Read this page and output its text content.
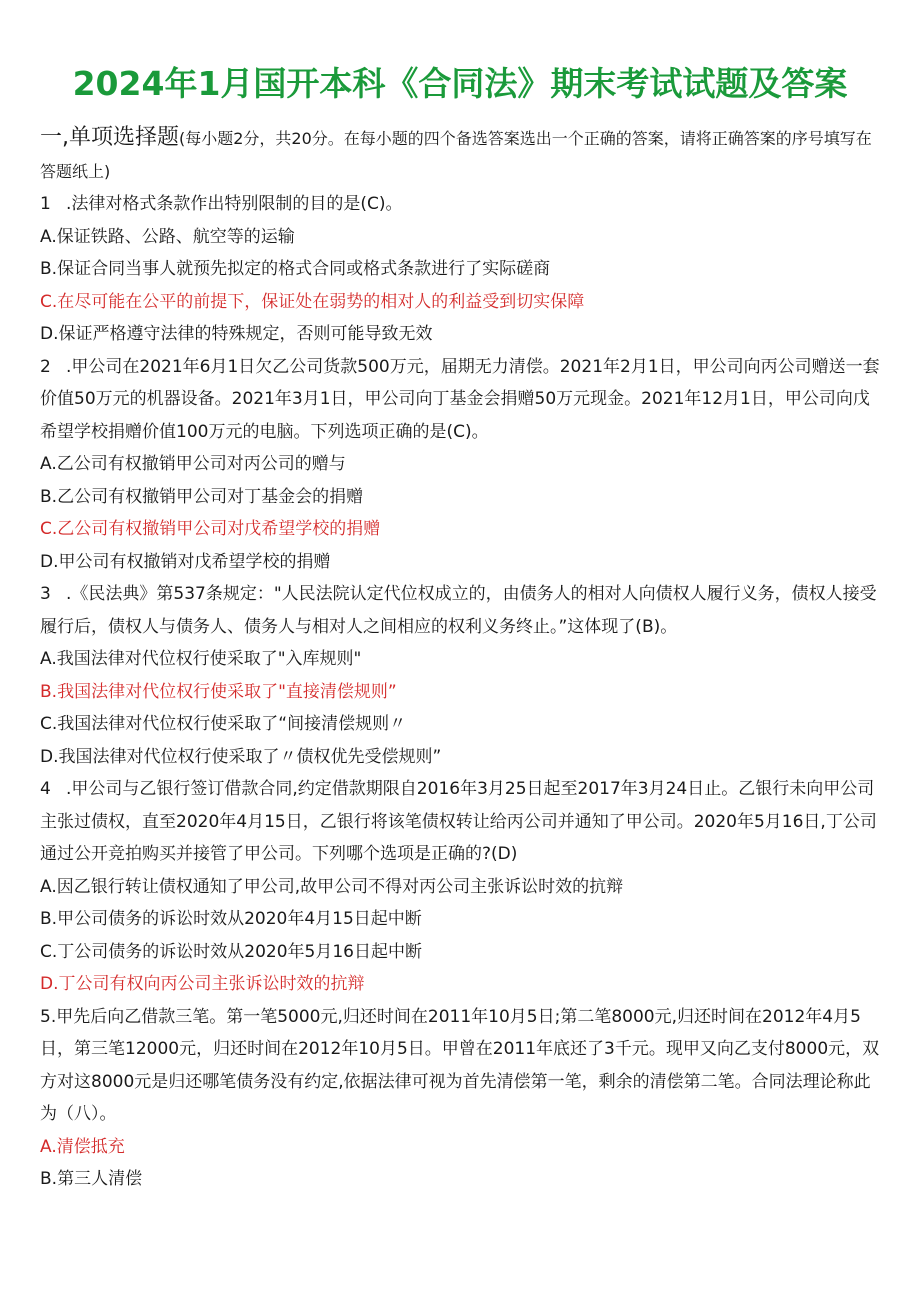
2024年1月国开本科《合同法》期末考试试题及答案

一,单项选择题(每小题2分，共20分。在每小题的四个备选答案选出一个正确的答案，请将正确答案的序号填写在答题纸上)

1 .法律对格式条款作出特别限制的目的是(C)。

A.保证铁路、公路、航空等的运输

B.保证合同当事人就预先拟定的格式合同或格式条款进行了实际磋商

C.在尽可能在公平的前提下，保证处在弱势的相对人的利益受到切实保障

D.保证严格遵守法律的特殊规定，否则可能导致无效

2 .甲公司在2021年6月1日欠乙公司货款500万元，届期无力清偿。2021年2月1日，甲公司向丙公司赠送一套价值50万元的机器设备。2021年3月1日，甲公司向丁基金会捐赠50万元现金。2021年12月1日，甲公司向戊希望学校捐赠价值100万元的电脑。下列选项正确的是(C)。

A.乙公司有权撤销甲公司对丙公司的赠与

B.乙公司有权撤销甲公司对丁基金会的捐赠

C.乙公司有权撤销甲公司对戊希望学校的捐赠

D.甲公司有权撤销对戊希望学校的捐赠

3 .《民法典》第537条规定："人民法院认定代位权成立的，由债务人的相对人向债权人履行义务，债权人接受履行后，债权人与债务人、债务人与相对人之间相应的权利义务终止。”这体现了(B)。

A.我国法律对代位权行使采取了"入库规则"

B.我国法律对代位权行使采取了"直接清偿规则”

C.我国法律对代位权行使采取了“间接清偿规则〃

D.我国法律对代位权行使采取了〃债权优先受偿规则”

4 .甲公司与乙银行签订借款合同,约定借款期限自2016年3月25日起至2017年3月24日止。乙银行未向甲公司主张过债权，直至2020年4月15日，乙银行将该笔债权转让给丙公司并通知了甲公司。2020年5月16日,丁公司通过公开竞拍购买并接管了甲公司。下列哪个选项是正确的?(D)

A.因乙银行转让债权通知了甲公司,故甲公司不得对丙公司主张诉讼时效的抗辩

B.甲公司债务的诉讼时效从2020年4月15日起中断

C.丁公司债务的诉讼时效从2020年5月16日起中断

D.丁公司有权向丙公司主张诉讼时效的抗辩

5.甲先后向乙借款三笔。第一笔5000元,归还时间在2011年10月5日;第二笔8000元,归还时间在2012年4月5日，第三笔12000元，归还时间在2012年10月5日。甲曾在2011年底还了3千元。现甲又向乙支付8000元，双方对这8000元是归还哪笔债务没有约定,依据法律可视为首先清偿第一笔，剩余的清偿第二笔。合同法理论称此为（八）。

A.清偿抵充

B.第三人清偿
